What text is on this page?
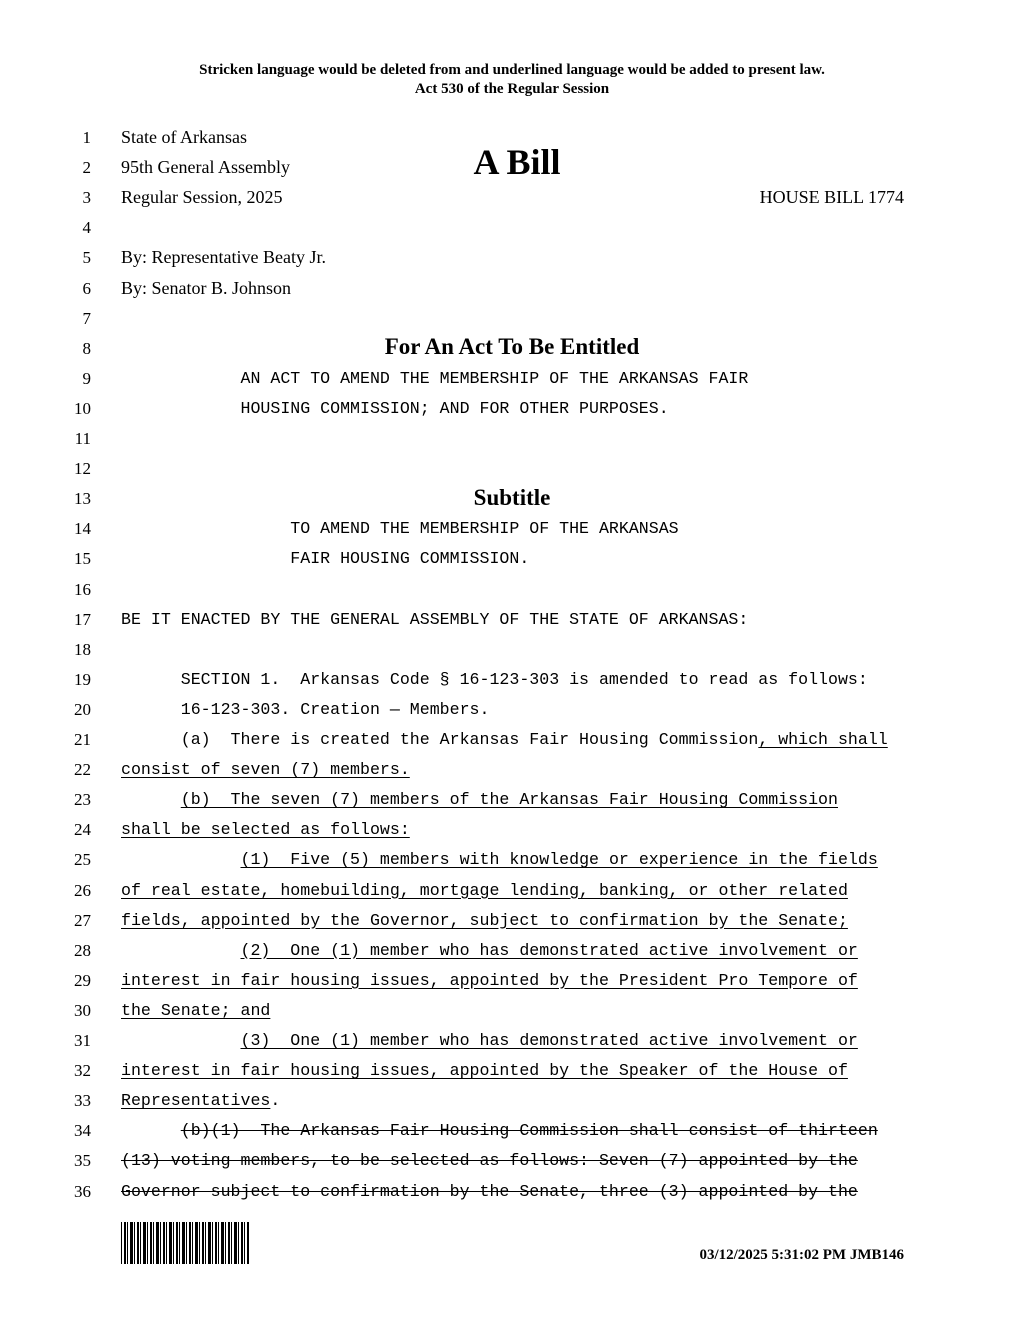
Stricken language would be deleted from and underlined language would be added to present law.
Act 530 of the Regular Session
A Bill
1 State of Arkansas
2 95th General Assembly
3 Regular Session, 2025	HOUSE BILL 1774
4
5 By: Representative Beaty Jr.
6 By: Senator B. Johnson
7
8
9 AN ACT TO AMEND THE MEMBERSHIP OF THE ARKANSAS FAIR
10 HOUSING COMMISSION; AND FOR OTHER PURPOSES.
11
12
13
14 TO AMEND THE MEMBERSHIP OF THE ARKANSAS
15 FAIR HOUSING COMMISSION.
16
17 BE IT ENACTED BY THE GENERAL ASSEMBLY OF THE STATE OF ARKANSAS:
18
19 SECTION 1.  Arkansas Code § 16-123-303 is amended to read as follows:
20 16-123-303. Creation — Members.
21 (a)  There is created the Arkansas Fair Housing Commission, which shall
22 consist of seven (7) members.
23	(b)  The seven (7) members of the Arkansas Fair Housing Commission
24 shall be selected as follows:
25	(1)  Five (5) members with knowledge or experience in the fields
26 of real estate, homebuilding, mortgage lending, banking, or other related
27 fields, appointed by the Governor, subject to confirmation by the Senate;
28	(2)  One (1) member who has demonstrated active involvement or
29 interest in fair housing issues, appointed by the President Pro Tempore of
30 the Senate; and
31	(3)  One (1) member who has demonstrated active involvement or
32 interest in fair housing issues, appointed by the Speaker of the House of
33 Representatives.
34	(b)(1)  The Arkansas Fair Housing Commission shall consist of thirteen
35 (13) voting members, to be selected as follows: Seven (7) appointed by the
36 Governor subject to confirmation by the Senate, three (3) appointed by the
For An Act To Be Entitled
Subtitle
03/12/2025 5:31:02 PM JMB146
